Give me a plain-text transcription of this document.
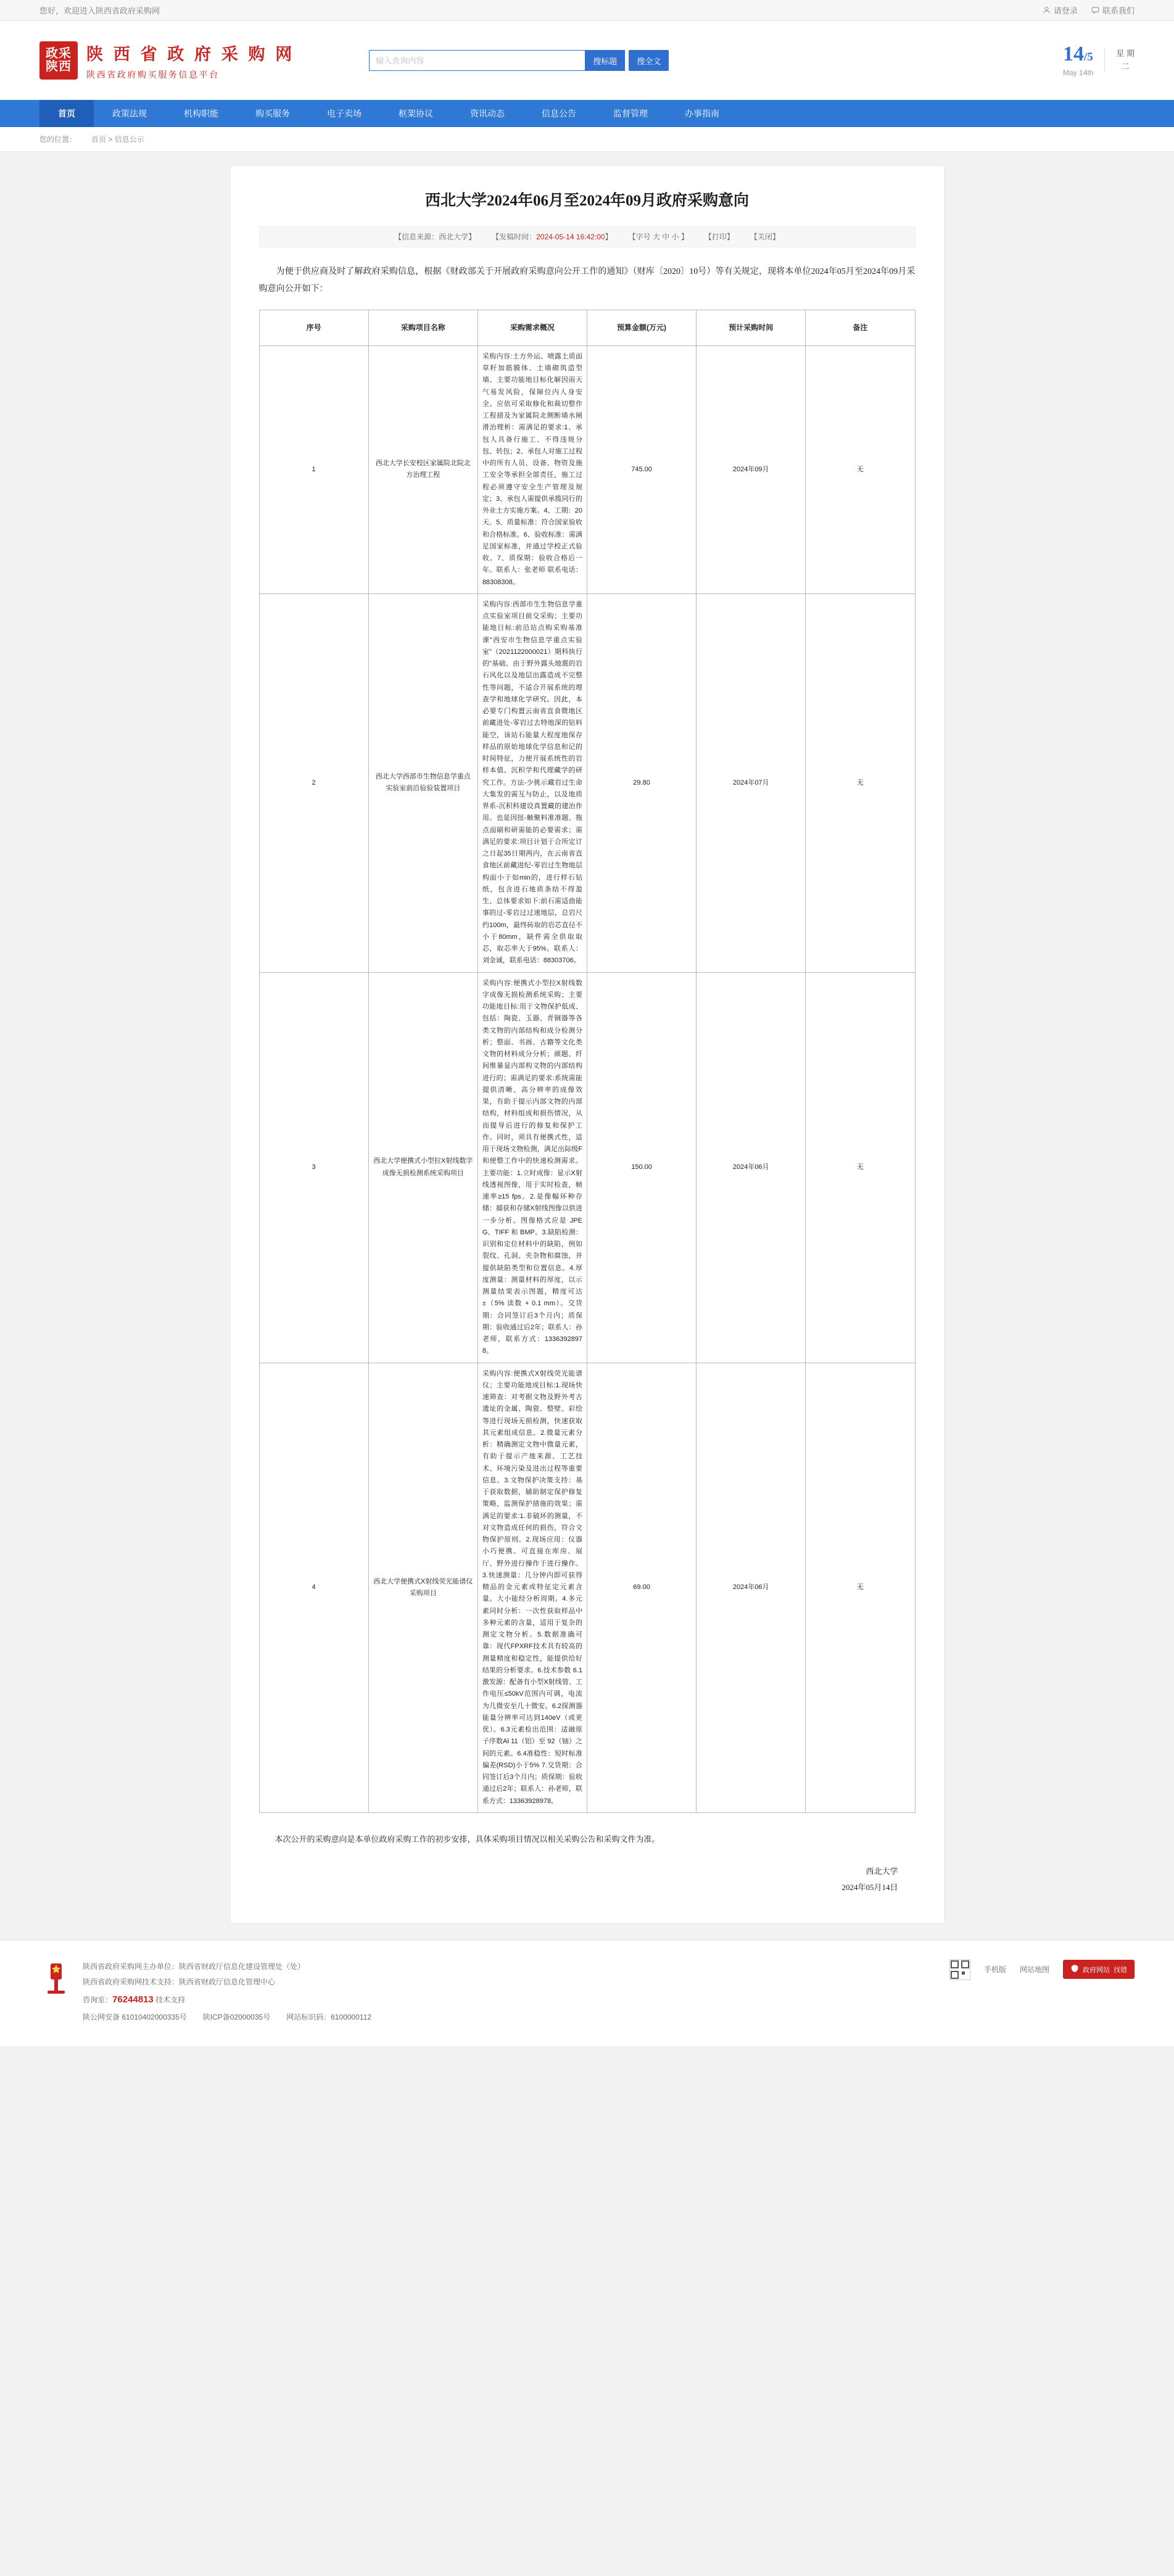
您好，欢迎进入陕西省政府采购网	请登录	联系我们
政采
陕西
陕 西 省 政 府 采 购 网
陕西省政府购买服务信息平台
输入查询内容
搜标题	搜全文	14/5
May 14th
星 期
二
首页	政策法规	机构职能	购买服务	电子卖场	框架协议	资讯动态	信息公告	监督管理	办事指南
您的位置： 首页 > 信息公示
西北大学2024年06月至2024年09月政府采购意向
【信息来源：西北大学】 【发稿时间：2024-05-14 16:42:00】 【字号 大 中 小 】 【打印】 【关闭】
为便于供应商及时了解政府采购信息，根据《财政部关于开展政府采购意向公开工作的通知》（财库〔2020〕10号）等有关规定，现将本单位2024年05月至2024年09月采购意向公开如下：
序号	采购项目名称	采购需求概况	预算金额(万元)	预计采购时间	备注
1	西北大学长安校区家属院北院北方治理工程	采购内容:土方外运、喷露土质面草籽加筋膜体、土墙砌筑造型墙、主要功能地目标化解因雨天气易发风险，保障位内人身安全。应依可采取修化和裁切整作工程措及为家属院北侧断墙水闸滑治理析：需满足的要求:1、承包人具备行施工、不得违规分包、转包；2、承包人对施工过程中的所有人员、设备、物资及施工安全等承担全部责任，施工过程必须遵守安全生产管理及规定；3、承包人需提供承揽同行的外业土方实施方案。4、工期：20天。5、质量标准：符合国家验收和合格标准。6、验收标准：需满足国家标准，并通过学校正式验收。7、质保期：验收合格后一年。联系人：张老师 联系电话：88308308。	745.00	2024年09月	无
2	西北大学西部市生物信息学重点实验室前沿验验装置项目	采购内容:西部市生生物信息学重点实验室项目前交采购；主要功能地目标:前沿站点购采购基准课"西安市生物信息学重点实验室"（2021122000021）期科执行的"基础、由于野外露头地震的岩石风化以及地层出露造成不完整性等问题，不适合开展系统的理查学和地球化学研究。因此，本必要专门构置云南省直食微地区前藏进处-零岩过去特地深的钻料能空，该站石能量大程度地保存样品的原始地球化学信息和记的时间特征，力便开展系统性的岩样本值、沉积学和代理藏学的研究工作。方法-少挑示藏岩过生命大集发的需互与防止，以及地质界系-沉积科建设真置藏的建治作用。也是因扭-触聚料准准题、拖点面刷和研需能的必要需求；需满足的要求:项目计划于合所定订之日起35日期两内，在云南省直食地区前藏进纪-零岩过生物地层构面小于如min的，进行样石钻纸，包含进石地质条结不得盈生、总体要求如下:前石需适曲能事的过-零岩过过速地层，总岩尺约100m，最终砖取的岩芯直径不小于80mm，缺件需全供取取芯，取芯率大于95%。联系人：刘金诚，联系电话：88303706。	29.80	2024年07月	无
3	西北大学便携式小型拉X射线数字成像无损检测系统采购项目	采购内容:便携式小型拉X射线数字成像无损检测系统采购；主要功能地目标:用于文物保护低成、包括：陶瓷、玉器、青铜器等各类文物的内部结构和成分检测分析；整面、书画、古籍等文化类文物的材料成分分析；颜题、纤间维暴显内部构文物的内部结构进行的；需满足的要求:系统需能提供清晰、高分辨率的成像效果，有助于提示内部文物的内部结构，材料组成和损伤情况，从而提导后进行的修复和保护工作。同时，须具有便携式性，适用于现场文物检测，满足出际级F和便整工作中的快速检测需求。主要功能：1.立时成像：显示X射线透视图像，用于实时检查，帧速率≥15 fps。2.是像幅环种存储：捕获和存储X射线图像以供进一步分析。图像格式应是 JPEG、TIFF 和 BMP。3.缺陷检测：识别和定位材料中的缺陷，例如裂纹、孔洞、夹杂物和腐蚀，并提供缺陷类型和位置信息。4.厚度测量：测量材料的厚度，以示测量结果表示图题，精度可达±（5% 读数 + 0.1 mm）。交货期：合同签订后3个月内；质保期：验收通过后2年；联系人：孙老师，联系方式：13363928978。	150.00	2024年06月	无
4	西北大学便携式X射线荧光能谱仪采购项目	采购内容:便携式X射线荧光能谱仪；主要功能地成目标:1.现场快速筛查：对考据文物及野外考古遗址的金属、陶瓷、整壁、彩绘等进行现场无损检测，快速获取其元素组成信息。2.微量元素分析：精确测定文物中微量元素，有助于提示产地来源、工艺技术、环境污染及进出过程等重要信息。3.文物保护决策支持：基于获取数据，辅助制定保护修复策略，监测保护措施的效果；需满足的要求:1.非破坏的测量，不对文物造成任何的损伤，符合文物保护原则。2.现场应用：仪器小巧便携、可直接在库房、展厅、野外进行操作于进行操作。3.快速测量：几分钟内即可获得精品的金元素或特征定元素含量。大小能经分析周期。4.多元素同时分析：一次性获取样品中多种元素的含量，适用于复杂的测定文物分析。5.数据准确可靠：现代FPXRF技术具有较高的测量精度和稳定性，能提供给好结果的分析要求。6.技术参数 6.1激发源：配备有小型X射线管、工作电压≤50kV范围内可调，电流为几微安至几十微安。6.2探测器能量分辨率可达到140eV（或更优）。6.3元素检出范围：适融原子序数Al 11（铝）至 92（铀）之间的元素。6.4准稳性：短时标准偏差(RSD)小于5% 7.交货期：合同签订后3个月内；质保期：验收通过后2年；联系人：孙老师，联系方式：13363928978。	69.00	2024年06月	无
本次公开的采购意向是本单位政府采购工作的初步安排，具体采购项目情况以相关采购公告和采购文件为准。
西北大学
2024年05月14日
陕西省政府采购网主办单位：陕西省财政厅信息化建设管理处（处）
陕西省政府采购网技术支持：陕西省财政厅信息化管理中心
咨询室：76244813 技术支持
陕公网安备 61010402000335号 陕ICP备02000035号 网站标识码：6100000112
手机版 网站地图	政府网站 找错
